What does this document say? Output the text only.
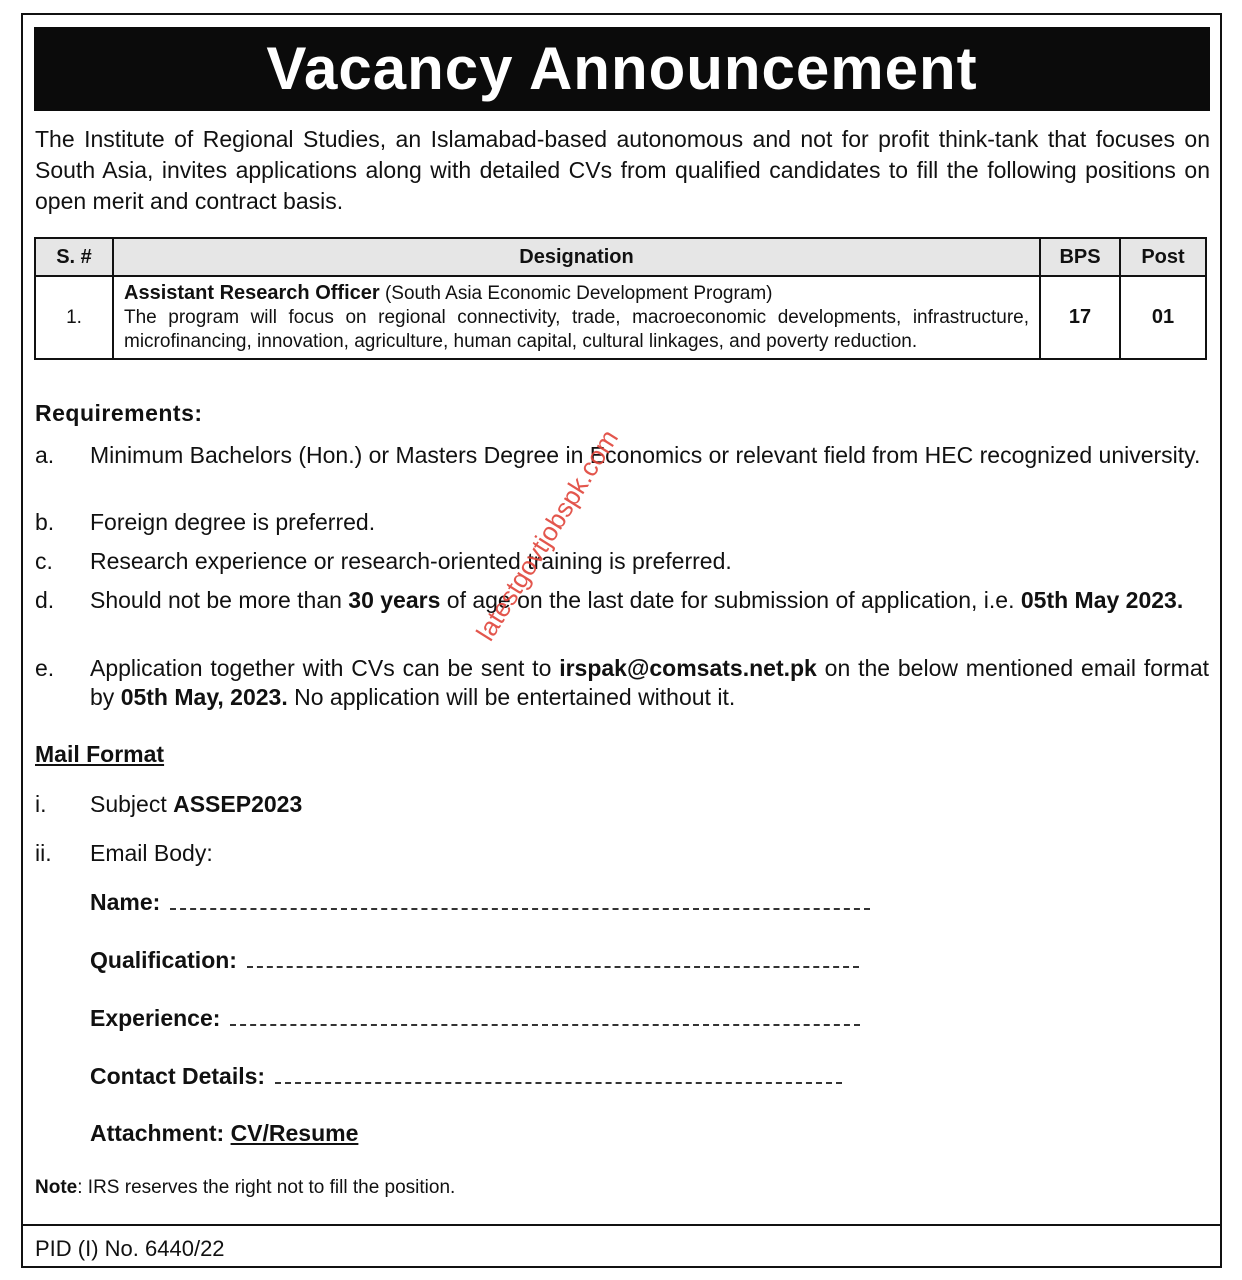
Vacancy Announcement
The Institute of Regional Studies, an Islamabad-based autonomous and not for profit think-tank that focuses on South Asia, invites applications along with detailed CVs from qualified candidates to fill the following positions on open merit and contract basis.
S. #	Designation	BPS	Post
1.	Assistant Research Officer (South Asia Economic Development Program)
The program will focus on regional connectivity, trade, macroeconomic developments, infrastructure, microfinancing, innovation, agriculture, human capital, cultural linkages, and poverty reduction.	17	01
Requirements:
a. Minimum Bachelors (Hon.) or Masters Degree in Economics or relevant field from HEC recognized university.
b. Foreign degree is preferred.
c. Research experience or research-oriented training is preferred.
d. Should not be more than 30 years of age on the last date for submission of application, i.e. 05th May 2023.
e. Application together with CVs can be sent to irspak@comsats.net.pk on the below mentioned email format by 05th May, 2023. No application will be entertained without it.
Mail Format
i. Subject ASSEP2023
ii. Email Body:
Name:
Qualification:
Experience:
Contact Details:
Attachment: CV/Resume
Note: IRS reserves the right not to fill the position.
PID (I) No. 6440/22
latestgovtjobspk.com
